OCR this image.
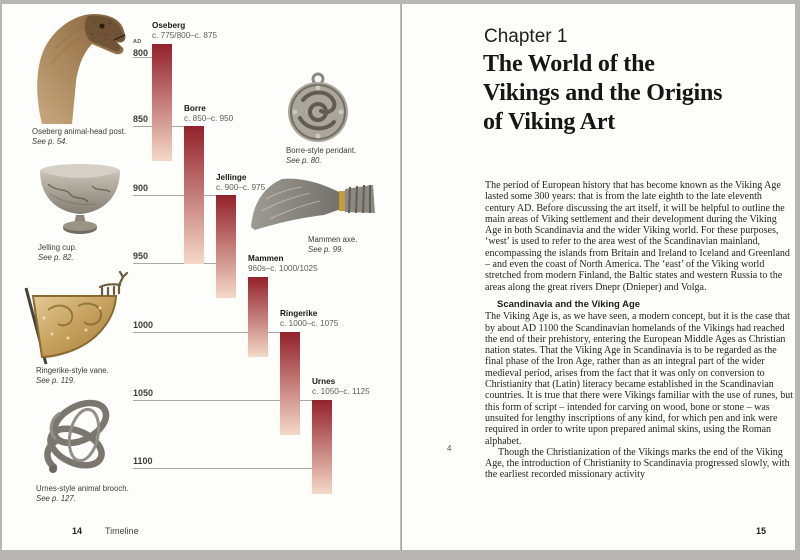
Oseberg animal-head post.
See p. 54.
Jelling cup.
See p. 82.
Ringerike-style vane.
See p. 119.
Urnes-style animal brooch.
See p. 127.
Borre-style pendant.
See p. 80.
Mammen axe.
See p. 99.
AD
800
850
900
950
1000
1050
1100
Oseberg
c. 775/800–c. 875
Borre
c. 850–c. 950
Jellinge
c. 900–c. 975
Mammen
960s–c. 1000/1025
Ringerike
c. 1000–c. 1075
Urnes
c. 1050–c. 1125
14	Timeline
Chapter 1
The World of the
Vikings and the Origins
of Viking Art
4

The period of European history that has become known as the Viking Age lasted some 300 years: that is from the late eighth to the late eleventh century AD. Before discussing the art itself, it will be helpful to outline the main areas of Viking settlement and their development during the Viking Age in both Scandinavia and the wider Viking world. For these purposes, ‘west’ is used to refer to the area west of the Scandinavian mainland, encompassing the islands from Britain and Ireland to Iceland and Greenland – and even the coast of North America. The ‘east’ of the Viking world stretched from modern Finland, the Baltic states and western Russia to the areas along the great rivers Dnepr (Dnieper) and Volga.

Scandinavia and the Viking Age

The Viking Age is, as we have seen, a modern concept, but it is the case that by about AD 1100 the Scandinavian homelands of the Vikings had reached the end of their prehistory, entering the European Middle Ages as Christian nation states. That the Viking Age in Scandinavia is to be regarded as the final phase of the Iron Age, rather than as an integral part of the wider medieval period, arises from the fact that it was only on conversion to Christianity that (Latin) literacy became established in the Scandinavian countries. It is true that there were Vikings familiar with the use of runes, but this form of script – intended for carving on wood, bone or stone – was unsuited for lengthy inscriptions of any kind, for which pen and ink were required in order to write upon prepared animal skins, using the Roman alphabet.

Though the Christianization of the Vikings marks the end of the Viking Age, the introduction of Christianity to Scandinavia progressed slowly, with the earliest recorded missionary activity

15
